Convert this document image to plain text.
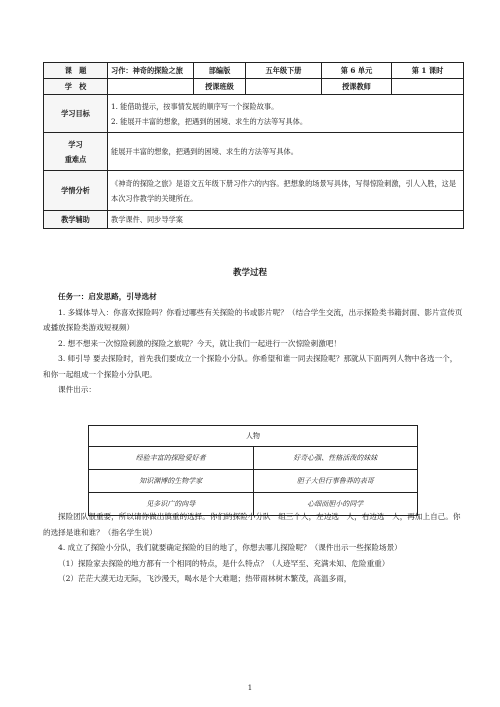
课　题	习作：神奇的探险之旅	部编版	五年级下册	第 6 单元	第 1 课时
学　校		授课班级		授课教师	
学习目标	1. 能借助提示，按事情发展的顺序写一个探险故事。
2. 能展开丰富的想象，把遇到的困境、求生的方法等写具体。				

学习
重难点	能展开丰富的想象，把遇到的困境、求生的方法等写具体。				
学情分析	《神奇的探险之旅》是语文五年级下册习作六的内容。把想象的场景写具体，写得惊险刺激，引人入胜，这是本次习作教学的关键所在。				
教学辅助	教学课件、同步导学案				
教学过程

任务一：启发思路，引导选材

1. 多媒体导入：你喜欢探险吗？你看过哪些有关探险的书或影片呢？（结合学生交流，出示探险类书籍封面、影片宣传页或播放探险类游戏短视频）

2. 想不想来一次惊险刺激的探险之旅呢？今天，就让我们一起进行一次惊险刺激吧！

3. 师引导 要去探险时，首先我们要成立一个探险小分队。你希望和谁一同去探险呢？那就从下面两列人物中各选一个，和你一起组成一个探险小分队吧。

课件出示：

人物	
经验丰富的探险爱好者	好奇心强、性格活泼的妹妹
知识渊博的生物学家	胆子大但行事鲁莽的表哥
见多识广的向导	心细而胆小的同学

探险团队很重要，所以请你做出慎重的选择。你们的探险小分队一组三个人，左边选一人，右边选一人，再加上自己。你的选择是谁和谁？（指名学生说）

4. 成立了探险小分队，我们就要确定探险的目的地了，你想去哪儿探险呢？（课件出示一些探险场景）

（1）探险家去探险的地方都有一个相同的特点，是什么特点？（人迹罕至、充满未知、危险重重）

（2）茫茫大漠无边无际，飞沙漫天，喝水是个大难题；热带雨林树木繁茂，高温多雨，

1
